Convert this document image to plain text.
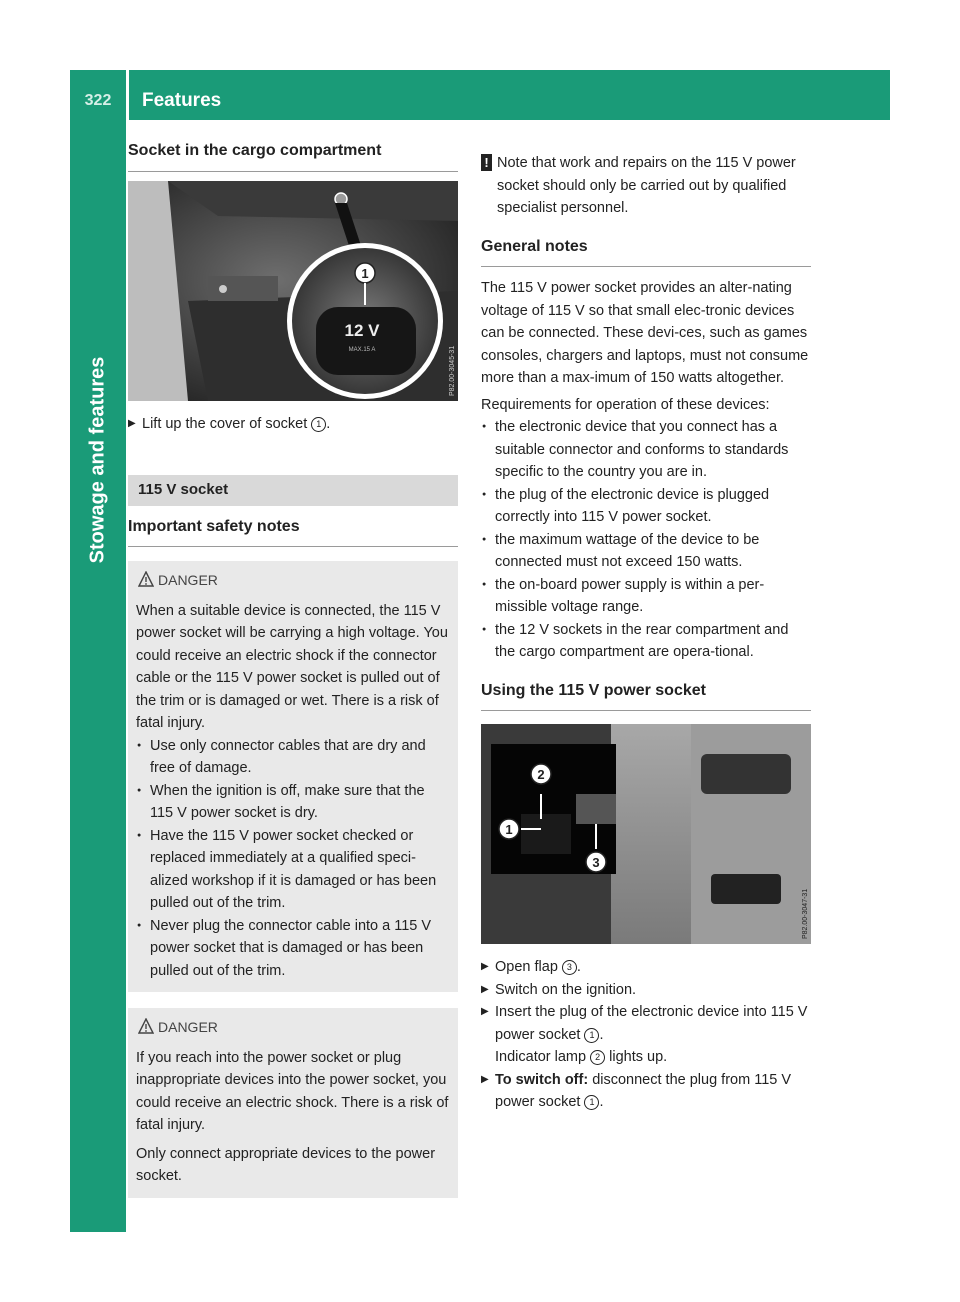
322	Features
Stowage and features
Socket in the cargo compartment
1
12 V
MAX.15 A	P82.00-3045-31
▶ Lift up the cover of socket 1 .
115 V socket
Important safety notes
DANGER

When a suitable device is connected, the 115 V power socket will be carrying a high voltage. You could receive an electric shock if the connector cable or the 115 V power socket is pulled out of the trim or is damaged or wet. There is a risk of fatal injury.

● Use only connector cables that are dry and free of damage.
● When the ignition is off, make sure that the 115 V power socket is dry.
● Have the 115 V power socket checked or replaced immediately at a qualified speci-alized workshop if it is damaged or has been pulled out of the trim.
● Never plug the connector cable into a 115 V power socket that is damaged or has been pulled out of the trim.
DANGER

If you reach into the power socket or plug inappropriate devices into the power socket, you could receive an electric shock. There is a risk of fatal injury.

Only connect appropriate devices to the power socket.

! Note that work and repairs on the 115 V power socket should only be carried out by qualified specialist personnel.
General notes

The 115 V power socket provides an alter-nating voltage of 115 V so that small elec-tronic devices can be connected. These devi-ces, such as games consoles, chargers and laptops, must not consume more than a max-imum of 150 watts altogether.

Requirements for operation of these devices:

● the electronic device that you connect has a suitable connector and conforms to standards specific to the country you are in.
● the plug of the electronic device is plugged correctly into 115 V power socket.
● the maximum wattage of the device to be connected must not exceed 150 watts.
● the on-board power supply is within a per-missible voltage range.
● the 12 V sockets in the rear compartment and the cargo compartment are opera-tional.
Using the 115 V power socket
2
1
3
P82.00-3047-31
▶ Open flap 3 .
▶ Switch on the ignition.
▶ Insert the plug of the electronic device into 115 V power socket 1 .
Indicator lamp 2 lights up.
▶ To switch off: disconnect the plug from 115 V power socket 1 .
